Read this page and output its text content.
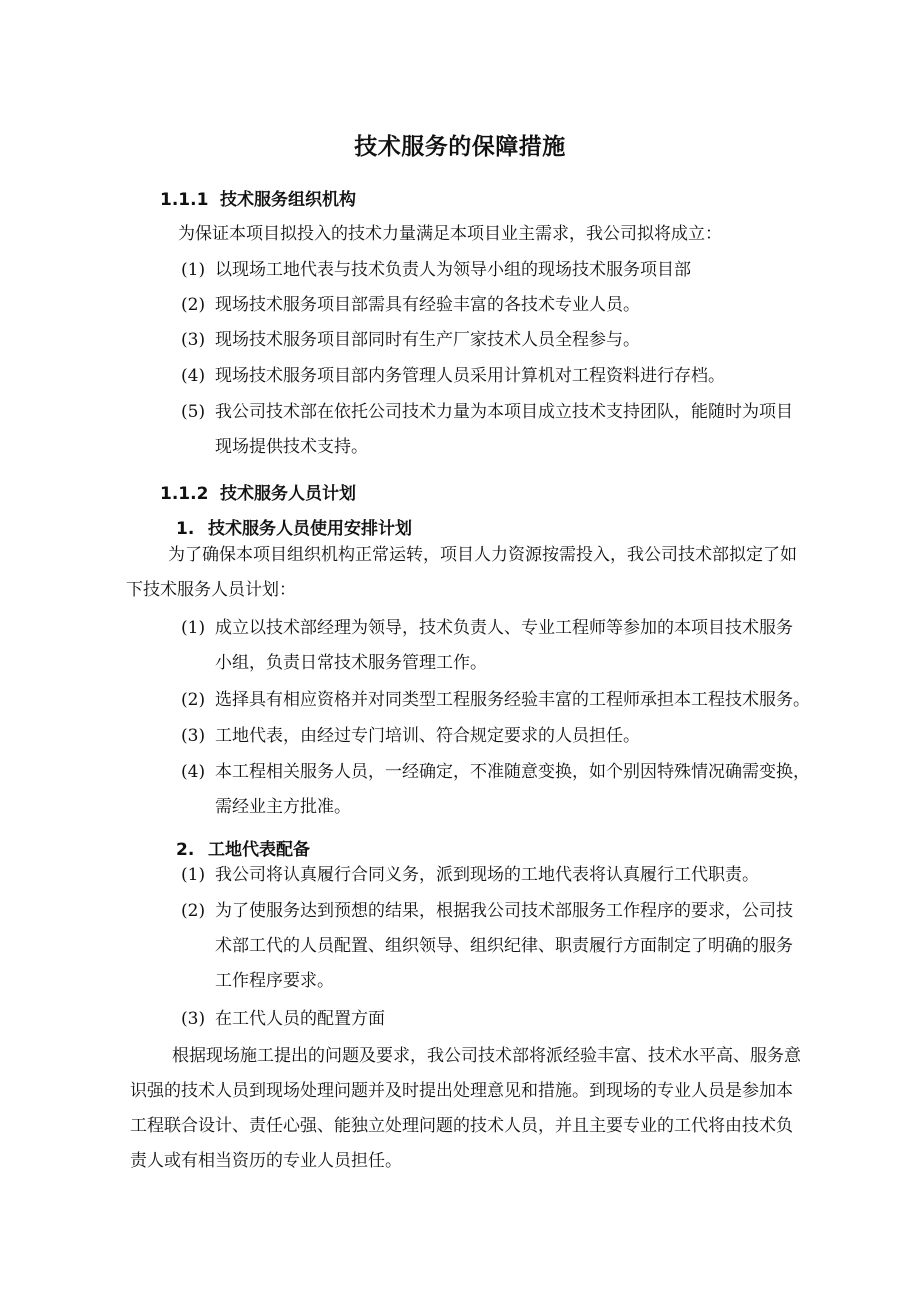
技术服务的保障措施
1.1.1 技术服务组织机构
为保证本项目拟投入的技术力量满足本项目业主需求，我公司拟将成立：
(1) 以现场工地代表与技术负责人为领导小组的现场技术服务项目部
(2) 现场技术服务项目部需具有经验丰富的各技术专业人员。
(3) 现场技术服务项目部同时有生产厂家技术人员全程参与。
(4) 现场技术服务项目部内务管理人员采用计算机对工程资料进行存档。
(5) 我公司技术部在依托公司技术力量为本项目成立技术支持团队，能随时为项目
现场提供技术支持。
1.1.2 技术服务人员计划
1. 技术服务人员使用安排计划
为了确保本项目组织机构正常运转，项目人力资源按需投入，我公司技术部拟定了如
下技术服务人员计划：
(1) 成立以技术部经理为领导，技术负责人、专业工程师等参加的本项目技术服务
小组，负责日常技术服务管理工作。
(2) 选择具有相应资格并对同类型工程服务经验丰富的工程师承担本工程技术服务。
(3) 工地代表，由经过专门培训、符合规定要求的人员担任。
(4) 本工程相关服务人员，一经确定，不准随意变换，如个别因特殊情况确需变换，
需经业主方批准。
2. 工地代表配备
(1) 我公司将认真履行合同义务，派到现场的工地代表将认真履行工代职责。
(2) 为了使服务达到预想的结果，根据我公司技术部服务工作程序的要求，公司技
术部工代的人员配置、组织领导、组织纪律、职责履行方面制定了明确的服务
工作程序要求。
(3) 在工代人员的配置方面
根据现场施工提出的问题及要求，我公司技术部将派经验丰富、技术水平高、服务意
识强的技术人员到现场处理问题并及时提出处理意见和措施。到现场的专业人员是参加本
工程联合设计、责任心强、能独立处理问题的技术人员，并且主要专业的工代将由技术负
责人或有相当资历的专业人员担任。
